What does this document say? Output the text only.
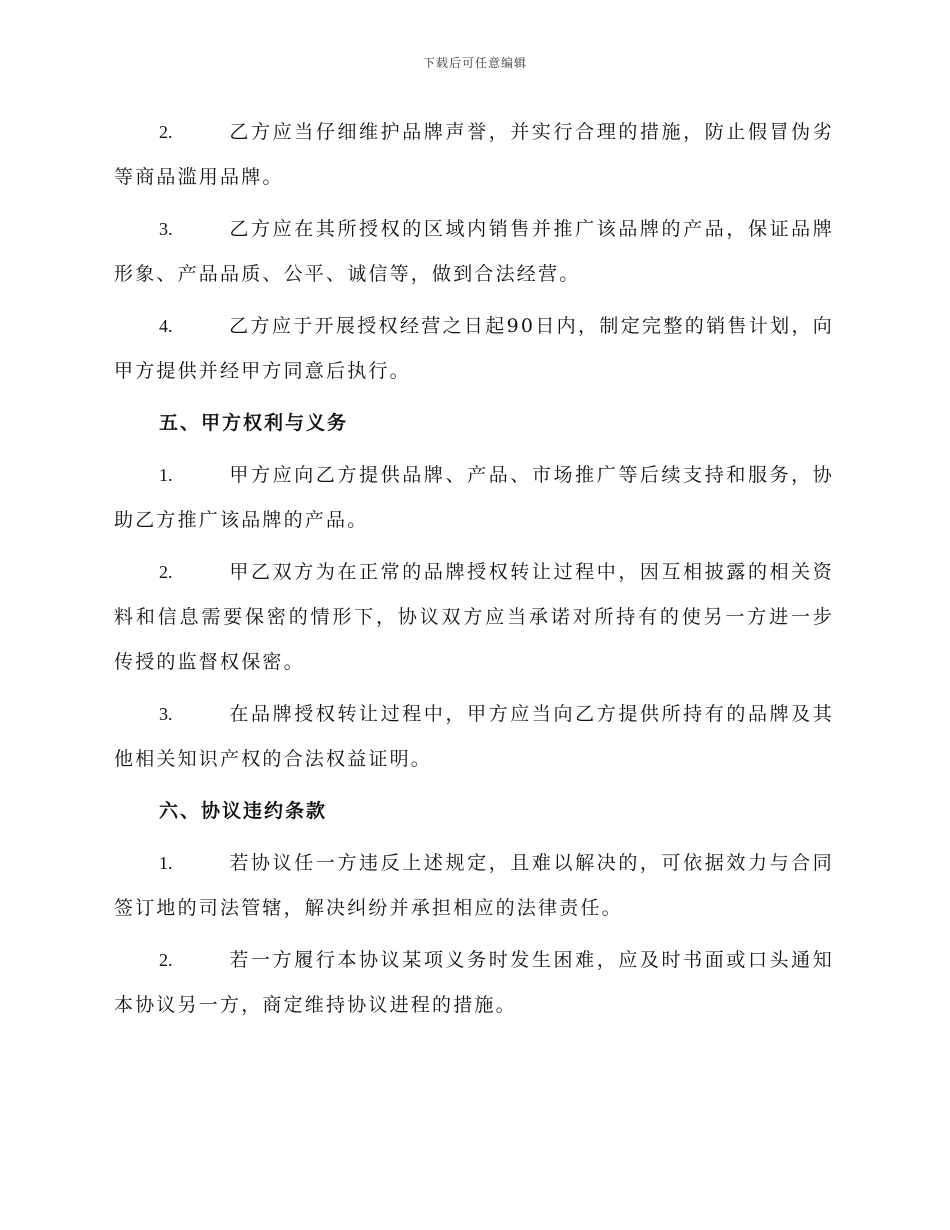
下载后可任意编辑

2.	乙方应当仔细维护品牌声誉，并实行合理的措施，防止假冒伪劣等商品滥用品牌。

3.	乙方应在其所授权的区域内销售并推广该品牌的产品，保证品牌形象、产品品质、公平、诚信等，做到合法经营。

4.	乙方应于开展授权经营之日起90日内，制定完整的销售计划，向甲方提供并经甲方同意后执行。

五、甲方权利与义务

1.	甲方应向乙方提供品牌、产品、市场推广等后续支持和服务，协助乙方推广该品牌的产品。

2.	甲乙双方为在正常的品牌授权转让过程中，因互相披露的相关资料和信息需要保密的情形下，协议双方应当承诺对所持有的使另一方进一步传授的监督权保密。

3.	在品牌授权转让过程中，甲方应当向乙方提供所持有的品牌及其他相关知识产权的合法权益证明。

六、协议违约条款

1.	若协议任一方违反上述规定，且难以解决的，可依据效力与合同签订地的司法管辖，解决纠纷并承担相应的法律责任。

2.	若一方履行本协议某项义务时发生困难，应及时书面或口头通知本协议另一方，商定维持协议进程的措施。
